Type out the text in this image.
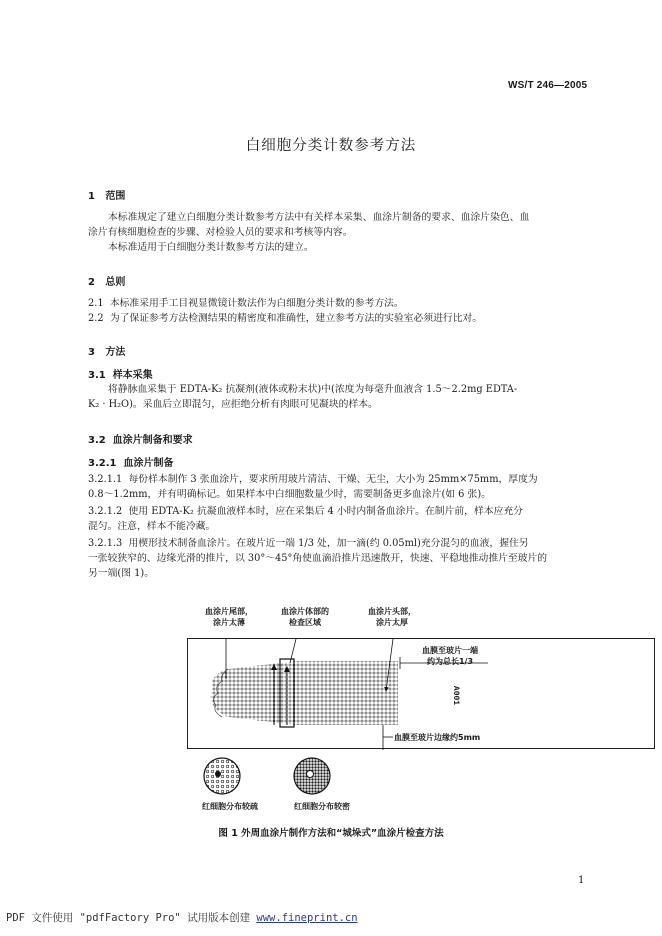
WS/T 246—2005
白细胞分类计数参考方法
1 范围
本标准规定了建立白细胞分类计数参考方法中有关样本采集、血涂片制备的要求、血涂片染色、血
涂片有核细胞检查的步骤、对检验人员的要求和考核等内容。
本标准适用于白细胞分类计数参考方法的建立。
2 总则
2.1 本标准采用手工目视显微镜计数法作为白细胞分类计数的参考方法。
2.2 为了保证参考方法检测结果的精密度和准确性，建立参考方法的实验室必须进行比对。
3 方法
3.1 样本采集
将静脉血采集于 EDTA-K₂ 抗凝剂(液体或粉末状)中(浓度为每毫升血液含 1.5～2.2mg EDTA-
K₂ · H₂O)。采血后立即混匀，应拒绝分析有肉眼可见凝块的样本。
3.2 血涂片制备和要求
3.2.1 血涂片制备
3.2.1.1 每份样本制作 3 张血涂片，要求所用玻片清洁、干燥、无尘，大小为 25mm×75mm，厚度为
0.8～1.2mm，并有明确标记。如果样本中白细胞数量少时，需要制备更多血涂片(如 6 张)。
3.2.1.2 使用 EDTA-K₂ 抗凝血液样本时，应在采集后 4 小时内制备血涂片。在制片前，样本应充分
混匀。注意，样本不能冷藏。
3.2.1.3 用楔形技术制备血涂片。在玻片近一端 1/3 处，加一滴(约 0.05ml)充分混匀的血液，握住另
一张较狭窄的、边缘光滑的推片，以 30°～45°角使血滴沿推片迅速散开，快速、平稳地推动推片至玻片的
另一端(图 1)。
血涂片尾部，
涂片太薄
血涂片体部的
检查区域
血涂片头部，
涂片太厚
血膜至玻片一端
约为总长1/3
A001
血膜至玻片边缘约5mm
红细胞分布较疏	红细胞分布较密
图 1 外周血涂片制作方法和“城垛式”血涂片检查方法
1
PDF 文件使用 "pdfFactory Pro" 试用版本创建 www.fineprint.cn
